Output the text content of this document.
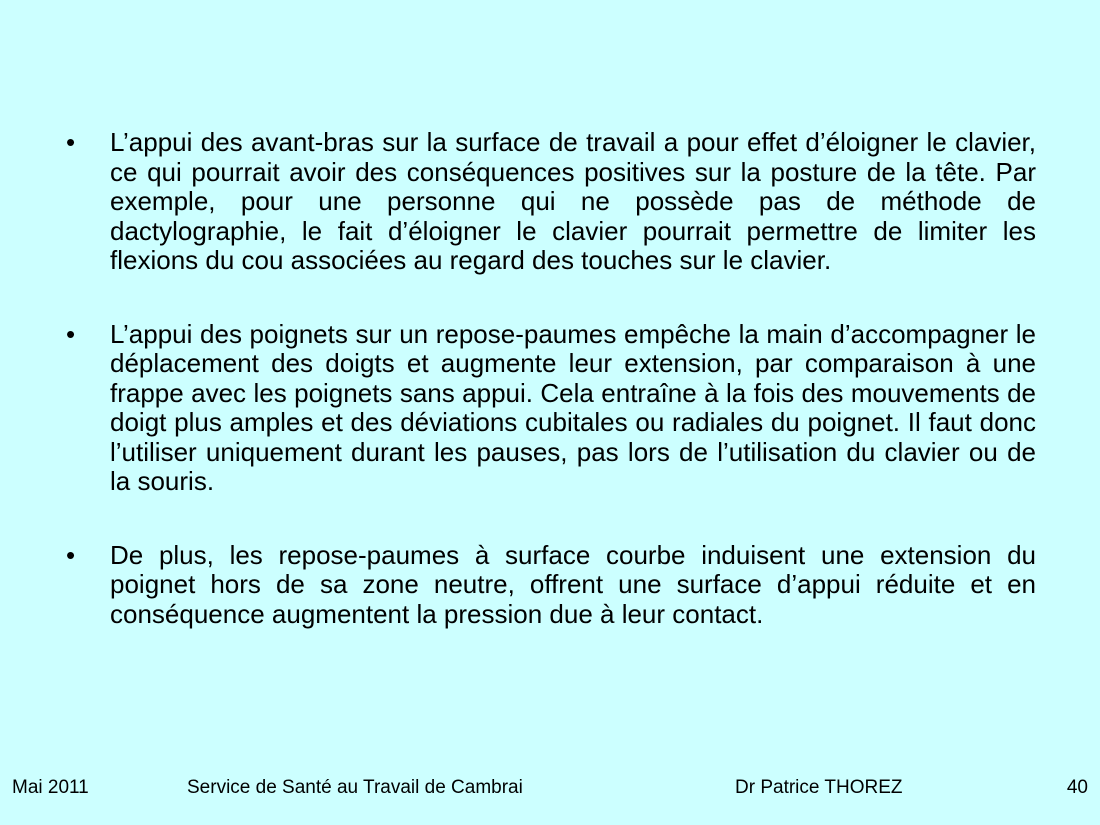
•	L’appui des avant-bras sur la surface de travail a pour effet d’éloigner le clavier, ce qui pourrait avoir des conséquences positives sur la posture de la tête. Par exemple, pour une personne qui ne possède pas de méthode de dactylographie, le fait d’éloigner le clavier pourrait permettre de limiter les flexions du cou associées au regard des touches sur le clavier.

•	L’appui des poignets sur un repose-paumes empêche la main d’accompagner le déplacement des doigts et augmente leur extension, par comparaison à une frappe avec les poignets sans appui. Cela entraîne à la fois des mouvements de doigt plus amples et des déviations cubitales ou radiales du poignet. Il faut donc l’utiliser uniquement durant les pauses, pas lors de l’utilisation du clavier ou de la souris.

•	De plus, les repose-paumes à surface courbe induisent une extension du poignet hors de sa zone neutre, offrent une surface d’appui réduite et en conséquence augmentent la pression due à leur contact.

Mai 2011	Service de Santé au Travail de Cambrai	Dr Patrice THOREZ	40
